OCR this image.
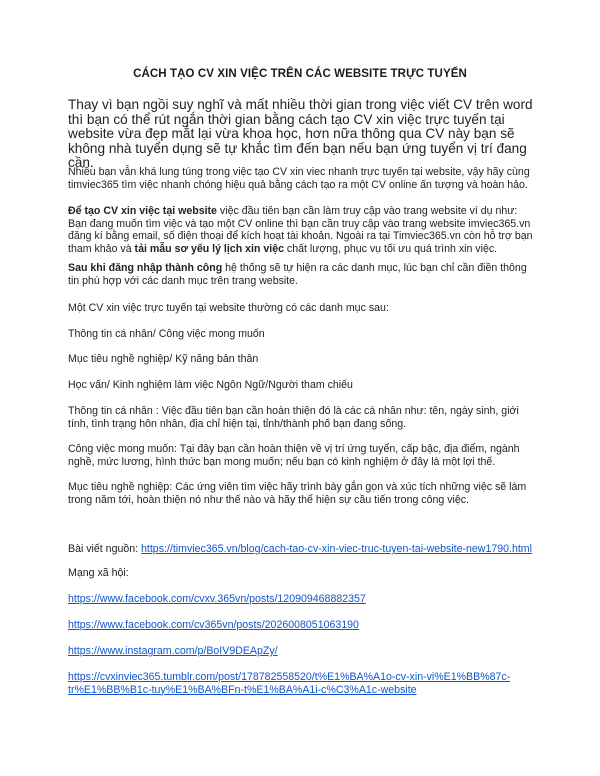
CÁCH TẠO CV XIN VIỆC TRÊN CÁC WEBSITE TRỰC TUYẾN

Thay vì bạn ngồi suy nghĩ và mất nhiều thời gian trong việc viết CV trên word thì bạn có thể rút ngắn thời gian bằng cách tạo CV xin việc trực tuyến tại website vừa đẹp mắt lại vừa khoa học, hơn nữa thông qua CV này bạn sẽ không nhà tuyển dụng sẽ tự khắc tìm đến bạn nếu bạn ứng tuyển vị trí đang cần.

Nhiều bạn vẫn khá lung túng trong việc tạo CV xin viec nhanh trực tuyến tại website, vậy hãy cùng timviec365 tìm việc nhanh chóng hiệu quả bằng cách tạo ra một CV online ấn tượng và hoàn hảo.

Để tạo CV xin việc tại website việc đầu tiên bạn cần làm truy cập vào trang website ví dụ như: Bạn đang muốn tìm việc và tạo một CV online thì bạn cần truy cập vào trang website imviec365.vn đăng kí bằng email, số điện thoại để kích hoạt tài khoản. Ngoài ra tại Timviec365.vn còn hỗ trợ bạn tham khảo và tải mẫu sơ yếu lý lịch xin việc chất lượng, phục vụ tối ưu quá trình xin việc.

Sau khi đăng nhập thành công hệ thống sẽ tự hiện ra các danh mục, lúc bạn chỉ cần điền thông tin phù hợp với các danh mục trên trang website.

Một CV xin việc trực tuyến tại website thường có các danh mục sau:

Thông tin cá nhân/ Công việc mong muốn

Mục tiêu nghề nghiệp/ Kỹ năng bản thân

Học vấn/ Kinh nghiệm làm việc Ngôn Ngữ/Người tham chiếu

Thông tin cá nhân : Việc đầu tiên bạn cần hoàn thiện đó là các cá nhân như: tên, ngày sinh, giới tính, tình trạng hôn nhân, địa chỉ hiện tại, tỉnh/thành phố bạn đang sống.

Công việc mong muốn: Tại đây bạn cần hoàn thiện về vị trí ứng tuyển, cấp bậc, địa điểm, ngành nghề, mức lương, hình thức bạn mong muốn; nếu bạn có kinh nghiệm ở đây là một lợi thế.

Mục tiêu nghề nghiệp: Các ứng viên tìm việc hãy trình bày gắn gọn và xúc tích những việc sẽ làm trong năm tới, hoàn thiện nó như thế nào và hãy thể hiện sự cầu tiến trong công việc.

Bài viết nguồn: https://timviec365.vn/blog/cach-tao-cv-xin-viec-truc-tuyen-tai-website-new1790.html

Mạng xã hội:

https://www.facebook.com/cvxv.365vn/posts/120909468882357

https://www.facebook.com/cv365vn/posts/2026008051063190

https://www.instagram.com/p/BoIV9DEApZy/

https://cvxinviec365.tumblr.com/post/178782558520/t%E1%BA%A1o-cv-xin-vi%E1%BB%87c-
tr%E1%BB%B1c-tuy%E1%BA%BFn-t%E1%BA%A1i-c%C3%A1c-website
